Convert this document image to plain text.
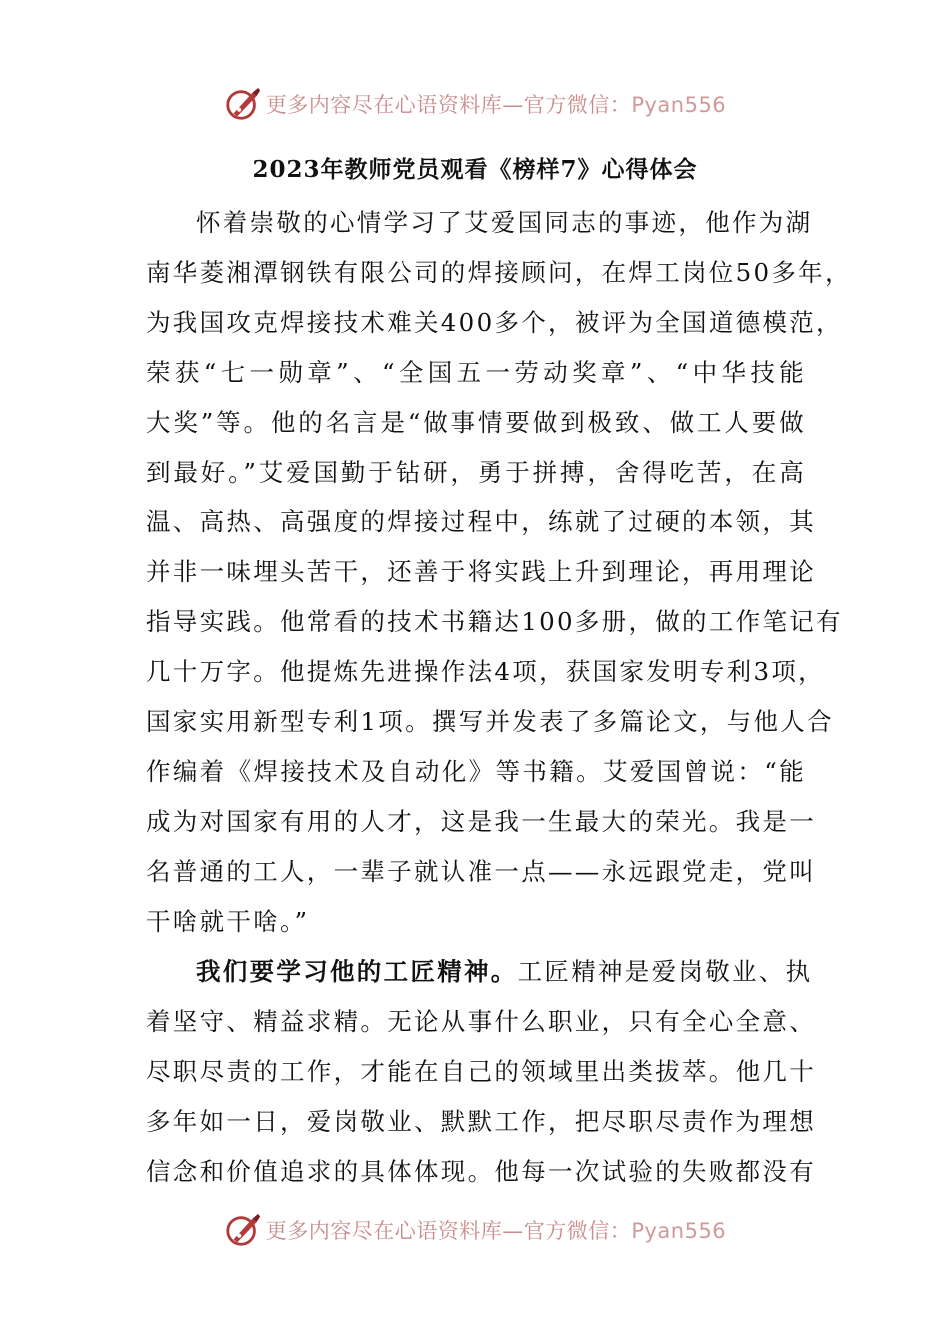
更多内容尽在心语资料库—官方微信：Pyan556
2023年教师党员观看《榜样7》心得体会
怀着崇敬的心情学习了艾爱国同志的事迹，他作为湖
南华菱湘潭钢铁有限公司的焊接顾问，在焊工岗位50多年，
为我国攻克焊接技术难关400多个，被评为全国道德模范，
荣获“七一勋章”、“全国五一劳动奖章”、“中华技能
大奖”等。他的名言是“做事情要做到极致、做工人要做
到最好。”艾爱国勤于钻研，勇于拼搏，舍得吃苦，在高
温、高热、高强度的焊接过程中，练就了过硬的本领，其
并非一味埋头苦干，还善于将实践上升到理论，再用理论
指导实践。他常看的技术书籍达100多册，做的工作笔记有
几十万字。他提炼先进操作法4项，获国家发明专利3项，
国家实用新型专利1项。撰写并发表了多篇论文，与他人合
作编着《焊接技术及自动化》等书籍。艾爱国曾说：“能
成为对国家有用的人才，这是我一生最大的荣光。我是一
名普通的工人，一辈子就认准一点——永远跟党走，党叫
干啥就干啥。”
我们要学习他的工匠精神。工匠精神是爱岗敬业、执
着坚守、精益求精。无论从事什么职业，只有全心全意、
尽职尽责的工作，才能在自己的领域里出类拔萃。他几十
多年如一日，爱岗敬业、默默工作，把尽职尽责作为理想
信念和价值追求的具体体现。他每一次试验的失败都没有
更多内容尽在心语资料库—官方微信：Pyan556
